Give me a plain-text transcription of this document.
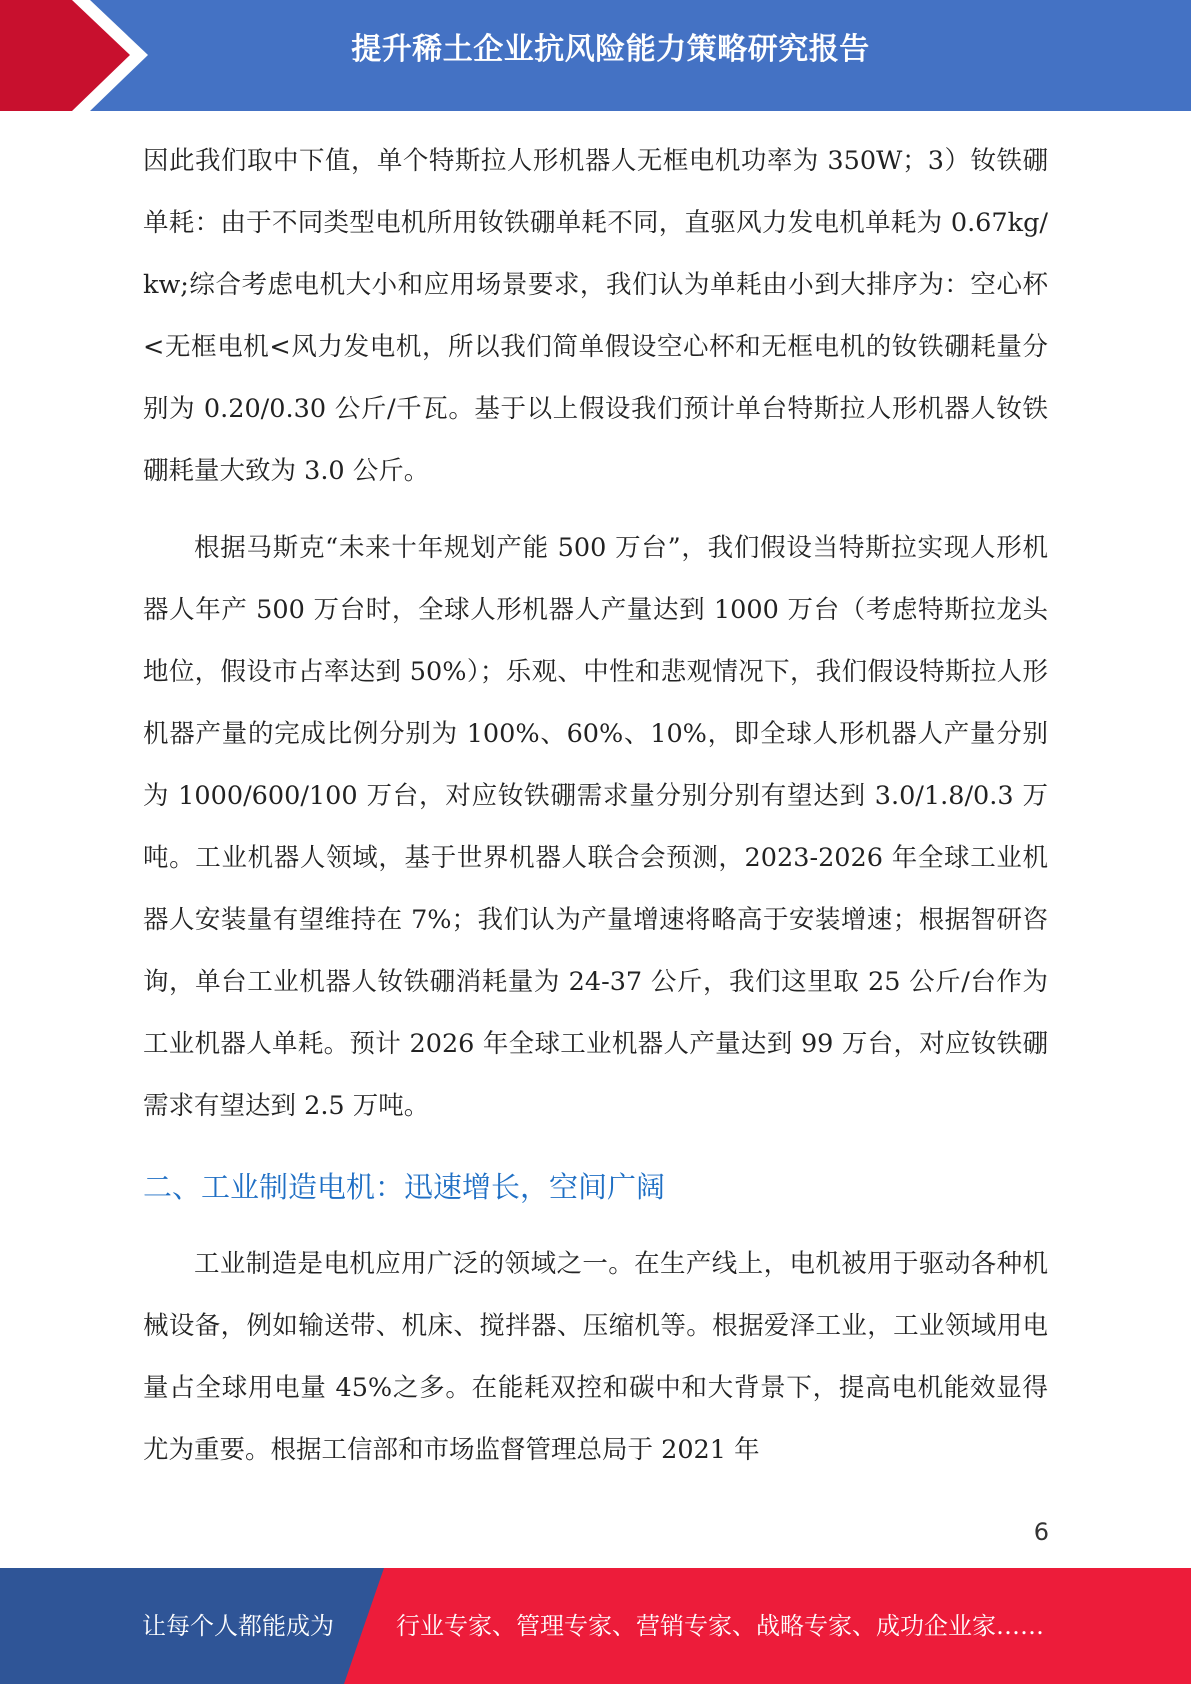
提升稀土企业抗风险能力策略研究报告

因此我们取中下值，单个特斯拉人形机器人无框电机功率为 350W；3）钕铁硼单耗：由于不同类型电机所用钕铁硼单耗不同，直驱风力发电机单耗为 0.67kg/kw;综合考虑电机大小和应用场景要求，我们认为单耗由小到大排序为：空心杯<无框电机<风力发电机，所以我们简单假设空心杯和无框电机的钕铁硼耗量分别为 0.20/0.30 公斤/千瓦。基于以上假设我们预计单台特斯拉人形机器人钕铁硼耗量大致为 3.0 公斤。

根据马斯克“未来十年规划产能 500 万台”，我们假设当特斯拉实现人形机器人年产 500 万台时，全球人形机器人产量达到 1000 万台（考虑特斯拉龙头地位，假设市占率达到 50%）；乐观、中性和悲观情况下，我们假设特斯拉人形机器产量的完成比例分别为 100%、60%、10%，即全球人形机器人产量分别为 1000/600/100 万台，对应钕铁硼需求量分别分别有望达到 3.0/1.8/0.3 万吨。工业机器人领域，基于世界机器人联合会预测，2023-2026 年全球工业机器人安装量有望维持在 7%；我们认为产量增速将略高于安装增速；根据智研咨询，单台工业机器人钕铁硼消耗量为 24-37 公斤，我们这里取 25 公斤/台作为工业机器人单耗。预计 2026 年全球工业机器人产量达到 99 万台，对应钕铁硼需求有望达到 2.5 万吨。

二、工业制造电机：迅速增长，空间广阔

工业制造是电机应用广泛的领域之一。在生产线上，电机被用于驱动各种机械设备，例如输送带、机床、搅拌器、压缩机等。根据爱泽工业，工业领域用电量占全球用电量 45%之多。在能耗双控和碳中和大背景下，提高电机能效显得尤为重要。根据工信部和市场监督管理总局于 2021 年

6
让每个人都能成为	行业专家、管理专家、营销专家、战略专家、成功企业家……
